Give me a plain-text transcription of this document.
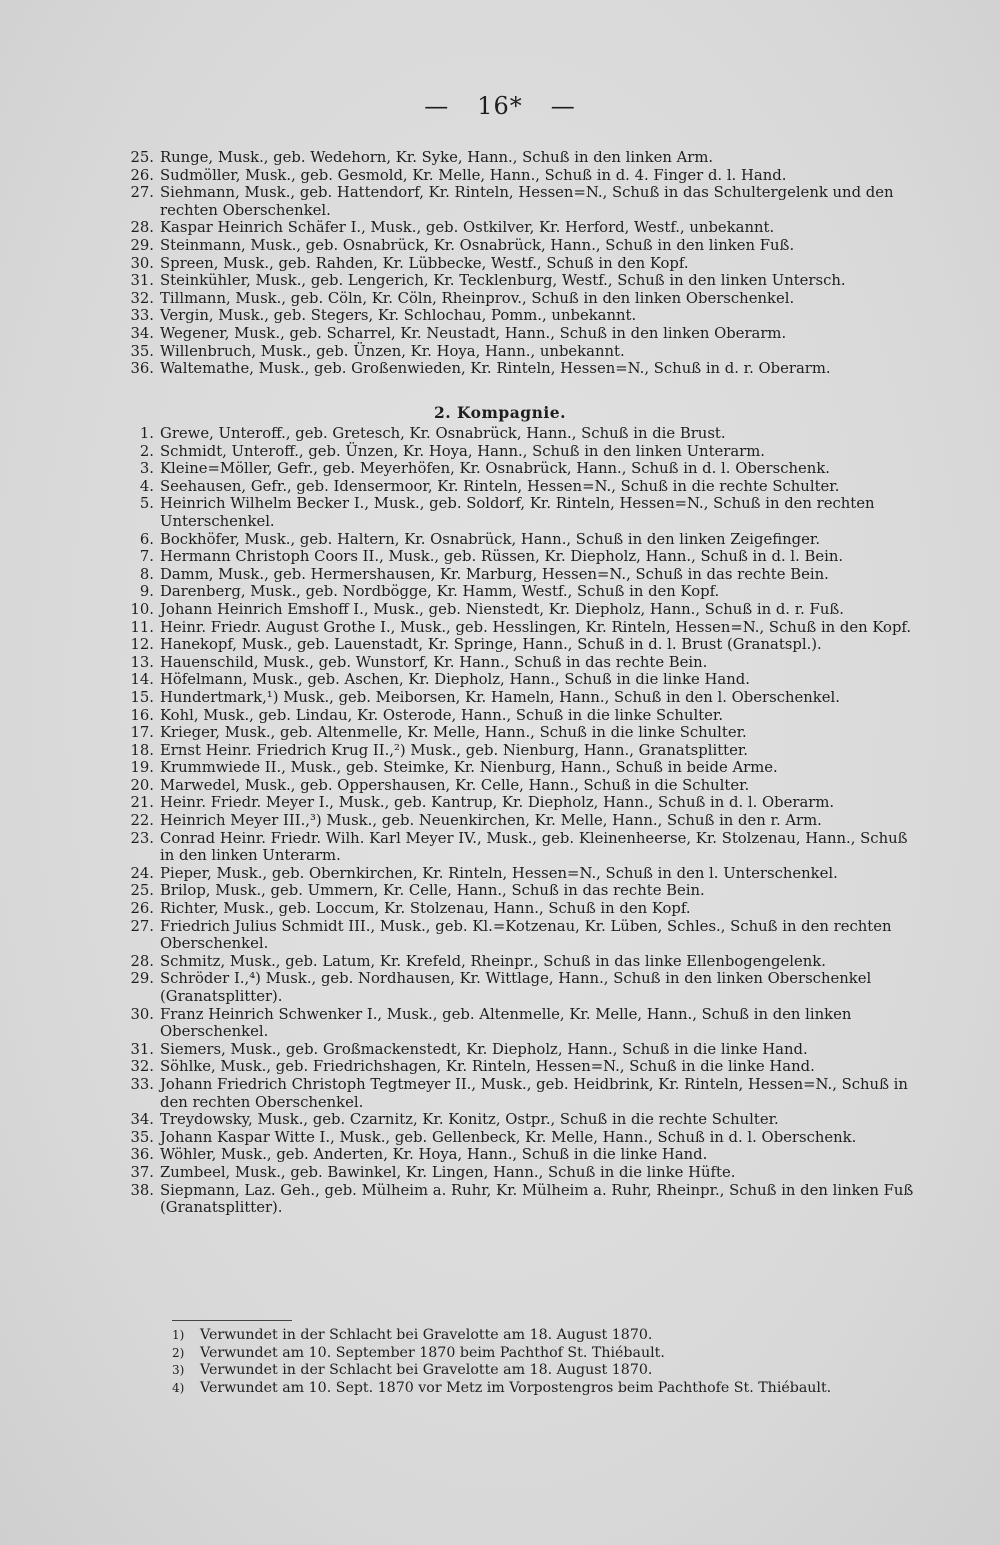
— 16* —
25. Runge, Musk., geb. Wedehorn, Kr. Syke, Hann., Schuß in den linken Arm.
26. Sudmöller, Musk., geb. Gesmold, Kr. Melle, Hann., Schuß in d. 4. Finger d. l. Hand.
27. Siehmann, Musk., geb. Hattendorf, Kr. Rinteln, Hessen=N., Schuß in das Schultergelenk und den rechten Oberschenkel.
28. Kaspar Heinrich Schäfer I., Musk., geb. Ostkilver, Kr. Herford, Westf., unbekannt.
29. Steinmann, Musk., geb. Osnabrück, Kr. Osnabrück, Hann., Schuß in den linken Fuß.
30. Spreen, Musk., geb. Rahden, Kr. Lübbecke, Westf., Schuß in den Kopf.
31. Steinkühler, Musk., geb. Lengerich, Kr. Tecklenburg, Westf., Schuß in den linken Untersch.
32. Tillmann, Musk., geb. Cöln, Kr. Cöln, Rheinprov., Schuß in den linken Oberschenkel.
33. Vergin, Musk., geb. Stegers, Kr. Schlochau, Pomm., unbekannt.
34. Wegener, Musk., geb. Scharrel, Kr. Neustadt, Hann., Schuß in den linken Oberarm.
35. Willenbruch, Musk., geb. Ünzen, Kr. Hoya, Hann., unbekannt.
36. Waltemathe, Musk., geb. Großenwieden, Kr. Rinteln, Hessen=N., Schuß in d. r. Oberarm.
2. Kompagnie.
1. Grewe, Unteroff., geb. Gretesch, Kr. Osnabrück, Hann., Schuß in die Brust.
2. Schmidt, Unteroff., geb. Ünzen, Kr. Hoya, Hann., Schuß in den linken Unterarm.
3. Kleine=Möller, Gefr., geb. Meyerhöfen, Kr. Osnabrück, Hann., Schuß in d. l. Oberschenk.
4. Seehausen, Gefr., geb. Idensermoor, Kr. Rinteln, Hessen=N., Schuß in die rechte Schulter.
5. Heinrich Wilhelm Becker I., Musk., geb. Soldorf, Kr. Rinteln, Hessen=N., Schuß in den rechten Unterschenkel.
6. Bockhöfer, Musk., geb. Haltern, Kr. Osnabrück, Hann., Schuß in den linken Zeigefinger.
7. Hermann Christoph Coors II., Musk., geb. Rüssen, Kr. Diepholz, Hann., Schuß in d. l. Bein.
8. Damm, Musk., geb. Hermershausen, Kr. Marburg, Hessen=N., Schuß in das rechte Bein.
9. Darenberg, Musk., geb. Nordbögge, Kr. Hamm, Westf., Schuß in den Kopf.
10. Johann Heinrich Emshoff I., Musk., geb. Nienstedt, Kr. Diepholz, Hann., Schuß in d. r. Fuß.
11. Heinr. Friedr. August Grothe I., Musk., geb. Hesslingen, Kr. Rinteln, Hessen=N., Schuß in den Kopf.
12. Hanekopf, Musk., geb. Lauenstadt, Kr. Springe, Hann., Schuß in d. l. Brust (Granatspl.).
13. Hauenschild, Musk., geb. Wunstorf, Kr. Hann., Schuß in das rechte Bein.
14. Höfelmann, Musk., geb. Aschen, Kr. Diepholz, Hann., Schuß in die linke Hand.
15. Hundertmark,¹) Musk., geb. Meiborsen, Kr. Hameln, Hann., Schuß in den l. Oberschenkel.
16. Kohl, Musk., geb. Lindau, Kr. Osterode, Hann., Schuß in die linke Schulter.
17. Krieger, Musk., geb. Altenmelle, Kr. Melle, Hann., Schuß in die linke Schulter.
18. Ernst Heinr. Friedrich Krug II.,²) Musk., geb. Nienburg, Hann., Granatsplitter.
19. Krummwiede II., Musk., geb. Steimke, Kr. Nienburg, Hann., Schuß in beide Arme.
20. Marwedel, Musk., geb. Oppershausen, Kr. Celle, Hann., Schuß in die Schulter.
21. Heinr. Friedr. Meyer I., Musk., geb. Kantrup, Kr. Diepholz, Hann., Schuß in d. l. Oberarm.
22. Heinrich Meyer III.,³) Musk., geb. Neuenkirchen, Kr. Melle, Hann., Schuß in den r. Arm.
23. Conrad Heinr. Friedr. Wilh. Karl Meyer IV., Musk., geb. Kleinenheerse, Kr. Stolzenau, Hann., Schuß in den linken Unterarm.
24. Pieper, Musk., geb. Obernkirchen, Kr. Rinteln, Hessen=N., Schuß in den l. Unterschenkel.
25. Brilop, Musk., geb. Ummern, Kr. Celle, Hann., Schuß in das rechte Bein.
26. Richter, Musk., geb. Loccum, Kr. Stolzenau, Hann., Schuß in den Kopf.
27. Friedrich Julius Schmidt III., Musk., geb. Kl.=Kotzenau, Kr. Lüben, Schles., Schuß in den rechten Oberschenkel.
28. Schmitz, Musk., geb. Latum, Kr. Krefeld, Rheinpr., Schuß in das linke Ellenbogengelenk.
29. Schröder I.,⁴) Musk., geb. Nordhausen, Kr. Wittlage, Hann., Schuß in den linken Oberschenkel (Granatsplitter).
30. Franz Heinrich Schwenker I., Musk., geb. Altenmelle, Kr. Melle, Hann., Schuß in den linken Oberschenkel.
31. Siemers, Musk., geb. Großmackenstedt, Kr. Diepholz, Hann., Schuß in die linke Hand.
32. Söhlke, Musk., geb. Friedrichshagen, Kr. Rinteln, Hessen=N., Schuß in die linke Hand.
33. Johann Friedrich Christoph Tegtmeyer II., Musk., geb. Heidbrink, Kr. Rinteln, Hessen=N., Schuß in den rechten Oberschenkel.
34. Treydowsky, Musk., geb. Czarnitz, Kr. Konitz, Ostpr., Schuß in die rechte Schulter.
35. Johann Kaspar Witte I., Musk., geb. Gellenbeck, Kr. Melle, Hann., Schuß in d. l. Oberschenk.
36. Wöhler, Musk., geb. Anderten, Kr. Hoya, Hann., Schuß in die linke Hand.
37. Zumbeel, Musk., geb. Bawinkel, Kr. Lingen, Hann., Schuß in die linke Hüfte.
38. Siepmann, Laz. Geh., geb. Mülheim a. Ruhr, Kr. Mülheim a. Ruhr, Rheinpr., Schuß in den linken Fuß (Granatsplitter).
1)	Verwundet in der Schlacht bei Gravelotte am 18. August 1870.
2)	Verwundet am 10. September 1870 beim Pachthof St. Thiébault.
3)	Verwundet in der Schlacht bei Gravelotte am 18. August 1870.
4)	Verwundet am 10. Sept. 1870 vor Metz im Vorpostengros beim Pachthofe St. Thiébault.
